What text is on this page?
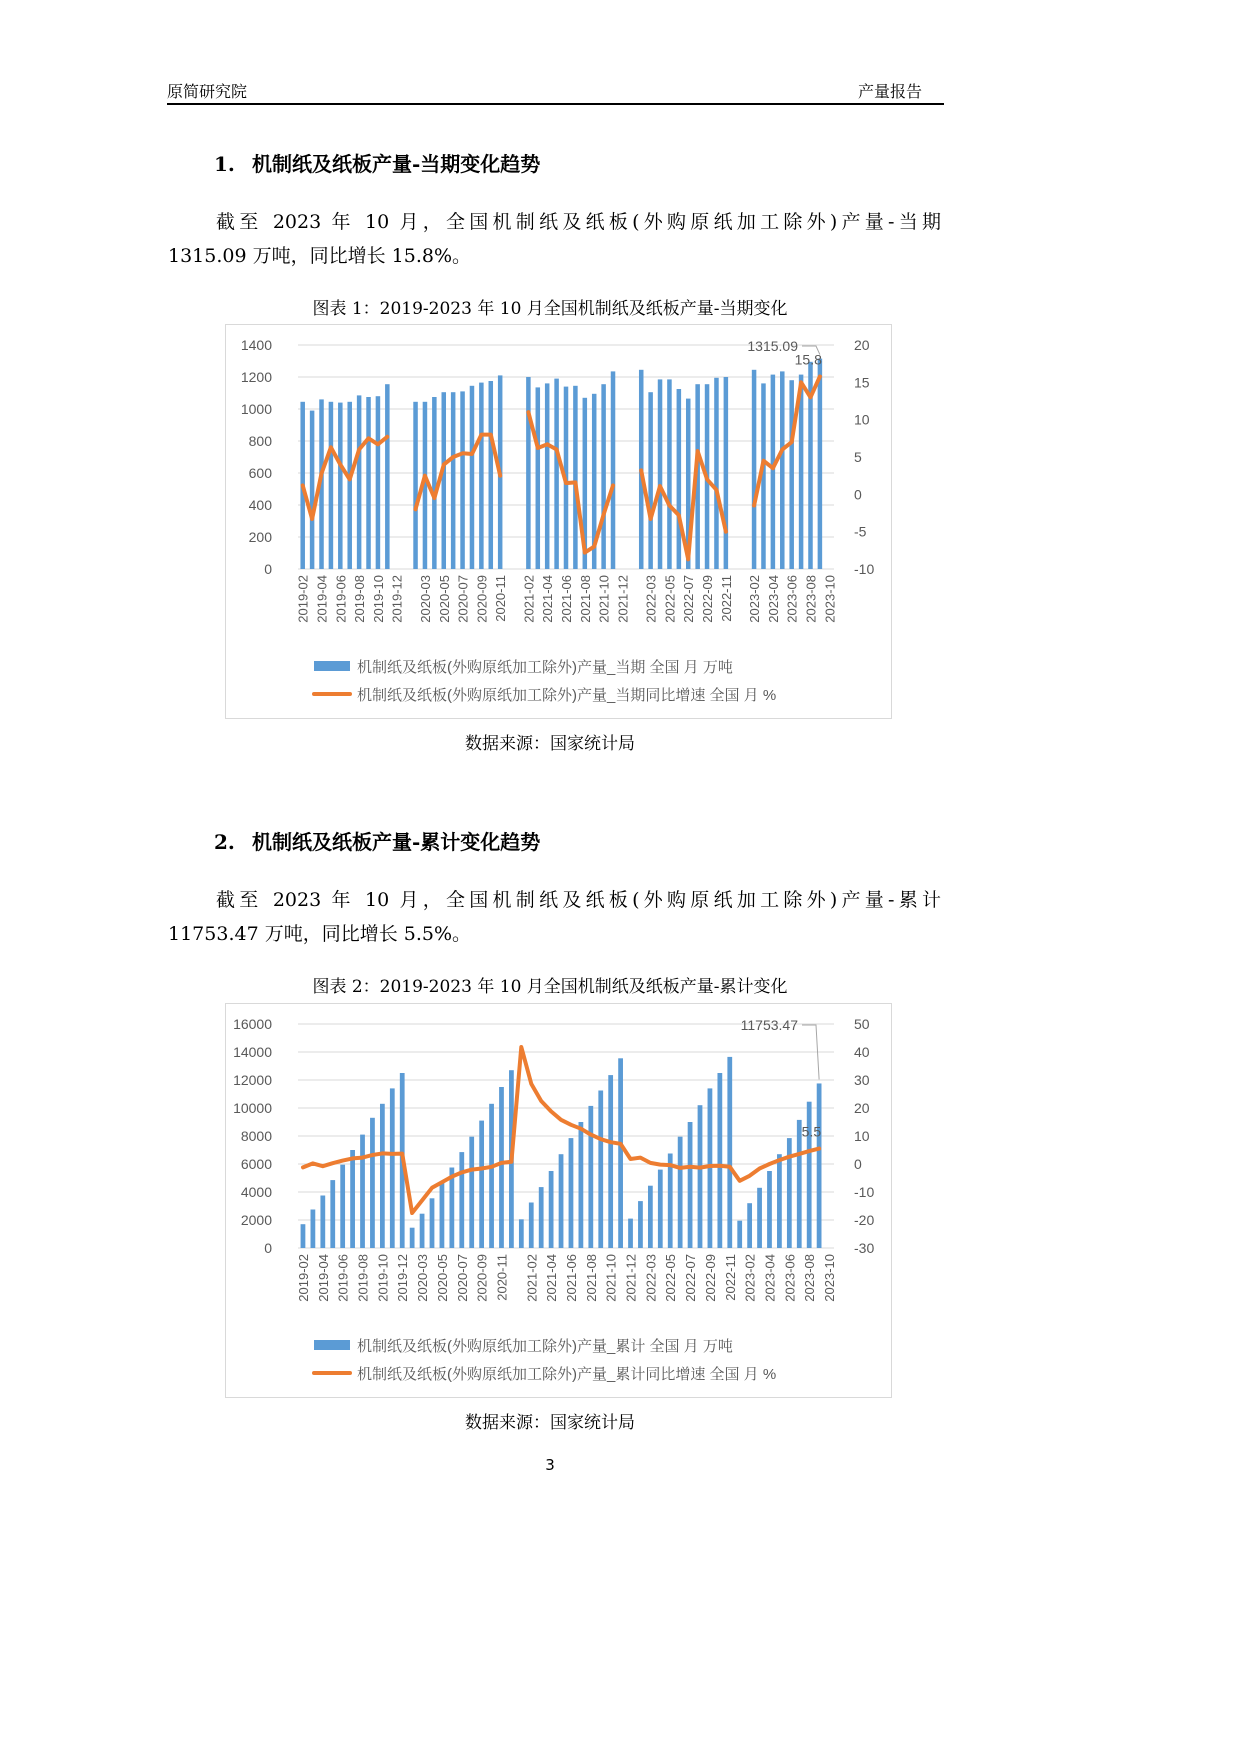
原简研究院	产量报告
1. 机制纸及纸板产量-当期变化趋势
截至 2023 年 10 月，全国机制纸及纸板(外购原纸加工除外)产量-当期
1315.09 万吨，同比增长 15.8%。
图表 1：2019-2023 年 10 月全国机制纸及纸板产量-当期变化
0
200
400
600
800
1000
1200
1400
-10
-5
0
5
10
15
20
2019-02 2019-04 2019-06 2019-08 2019-10 2019-12 2020-03 2020-05 2020-07 2020-09 2020-11 2021-02 2021-04 2021-06 2021-08 2021-10 2021-12 2022-03 2022-05 2022-07 2022-09 2022-11 2023-02 2023-04 2023-06 2023-08 2023-10
1315.09
15.8
机制纸及纸板(外购原纸加工除外)产量_当期 全国 月 万吨
机制纸及纸板(外购原纸加工除外)产量_当期同比增速 全国 月 %
数据来源：国家统计局
2. 机制纸及纸板产量-累计变化趋势
截至 2023 年 10 月，全国机制纸及纸板(外购原纸加工除外)产量-累计
11753.47 万吨，同比增长 5.5%。
图表 2：2019-2023 年 10 月全国机制纸及纸板产量-累计变化
0
2000
4000
6000
8000
10000
12000
14000
16000
-30
-20
-10
0
10
20
30
40
50
2019-02 2019-04 2019-06 2019-08 2019-10 2019-12 2020-03 2020-05 2020-07 2020-09 2020-11 2021-02 2021-04 2021-06 2021-08 2021-10 2021-12 2022-03 2022-05 2022-07 2022-09 2022-11 2023-02 2023-04 2023-06 2023-08 2023-10
11753.47
5.5
机制纸及纸板(外购原纸加工除外)产量_累计 全国 月 万吨
机制纸及纸板(外购原纸加工除外)产量_累计同比增速 全国 月 %
数据来源：国家统计局
3
